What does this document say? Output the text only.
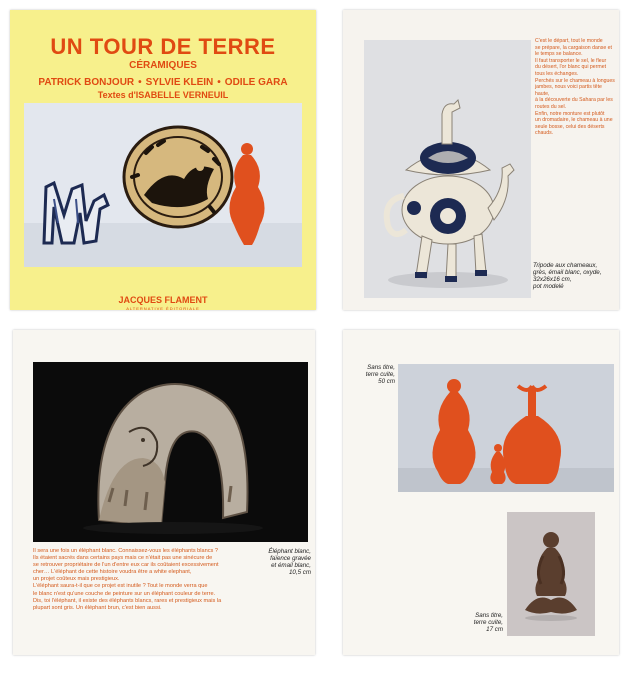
UN TOUR DE TERRE
CÉRAMIQUES
PATRICK BONJOUR • SYLVIE KLEIN • ODILE GARA
Textes d'ISABELLE VERNEUIL
JACQUES FLAMENT
ALTERNATIVE ÉDITORIALE
C'est le départ, tout le monde
se prépare, la cargaison danse et
le temps se balance.
Il faut transporter le sel, le fleur
du désert, l'or blanc qui permet
tous les échanges.
Perchés sur le chameau à longues
jambes, nous voici partis tête haute,
à la découverte du Sahara par les
routes du sel.
Enfin, notre monture est plutôt
un dromadaire, le chameau à une
seule bosse, celui des déserts chauds.
Tripode aux chameaux,
grès, émail blanc, oxyde,
32x26x16 cm,
pot modelé
Il sera une fois un éléphant blanc. Connaissez-vous les éléphants blancs ?
Ils étaient sacrés dans certains pays mais ce n'était pas une sinécure de
se retrouver propriétaire de l'un d'entre eux car ils coûtaient excessivement
cher… L'éléphant de cette histoire voudra être a white elephant,
un projet coûteux mais prestigieux.
L'éléphant saura-t-il que ce projet est inutile ? Tout le monde verra que
le blanc n'est qu'une couche de peinture sur un éléphant couleur de terre.
Dis, toi l'éléphant, il existe des éléphants blancs, rares et prestigieux mais la
plupart sont gris. Un éléphant brun, c'est bien aussi.
Éléphant blanc,
faïence gravée
et émail blanc,
10,5 cm
Sans titre,
terre cuite,
50 cm
Sans titre,
terre cuite,
17 cm
